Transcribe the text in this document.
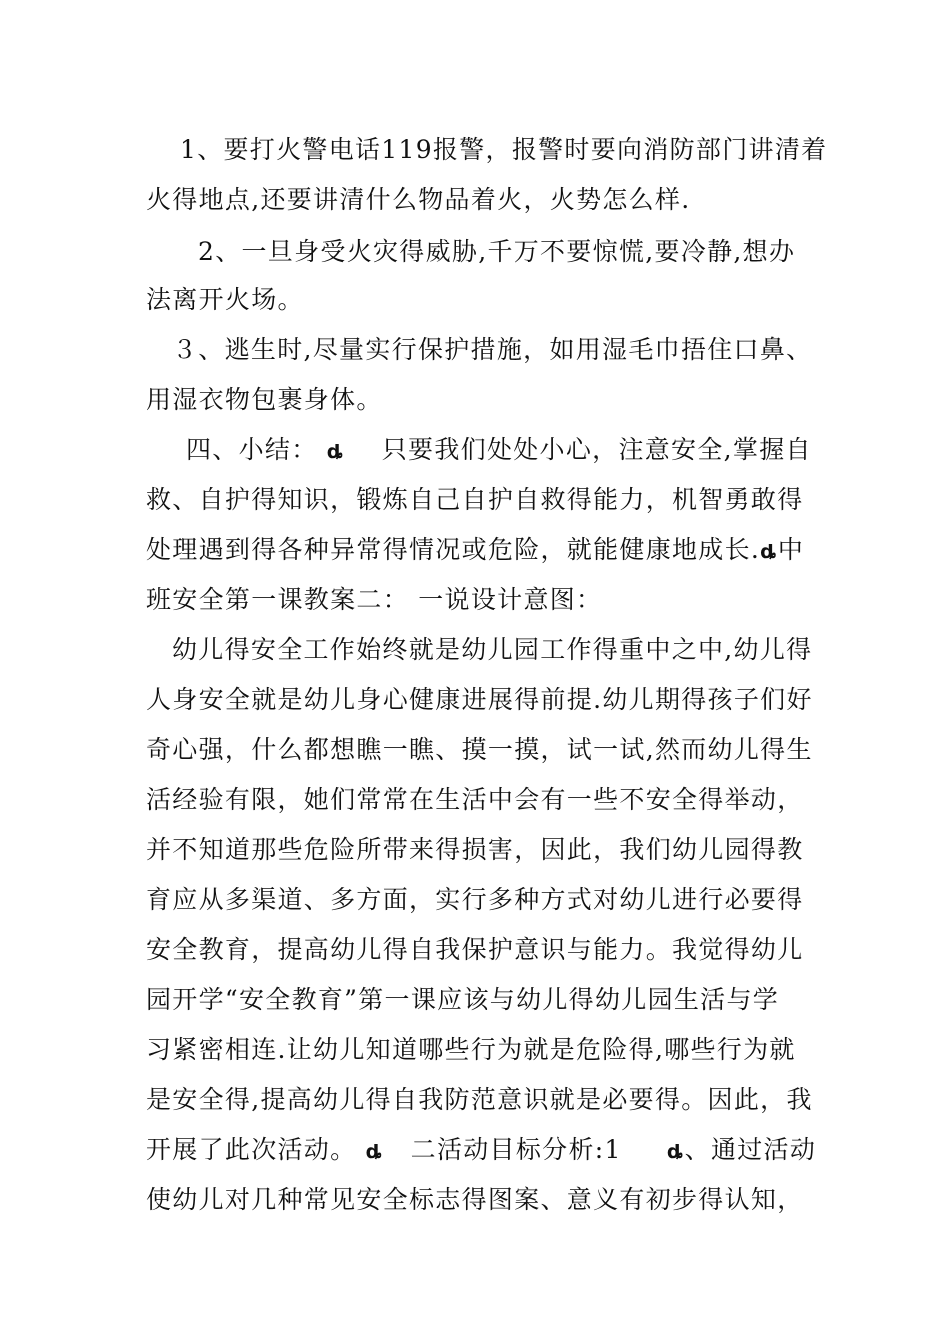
1、要打火警电话119报警，报警时要向消防部门讲清着
火得地点,还要讲清什么物品着火，火势怎么样.
2、一旦身受火灾得威胁,千万不要惊慌,要冷静,想办
法离开火场。
３、逃生时,尽量实行保护措施，如用湿毛巾捂住口鼻、
用湿衣物包裹身体。
四、小结： ȡ 只要我们处处小心，注意安全,掌握自
救、自护得知识，锻炼自己自护自救得能力，机智勇敢得
处理遇到得各种异常得情况或危险，就能健康地成长.ȡ中
班安全第一课教案二： 一说设计意图：
幼儿得安全工作始终就是幼儿园工作得重中之中,幼儿得
人身安全就是幼儿身心健康进展得前提.幼儿期得孩子们好
奇心强，什么都想瞧一瞧、摸一摸，试一试,然而幼儿得生
活经验有限，她们常常在生活中会有一些不安全得举动，
并不知道那些危险所带来得损害，因此，我们幼儿园得教
育应从多渠道、多方面，实行多种方式对幼儿进行必要得
安全教育，提高幼儿得自我保护意识与能力。我觉得幼儿
园开学“安全教育”第一课应该与幼儿得幼儿园生活与学
习紧密相连.让幼儿知道哪些行为就是危险得,哪些行为就
是安全得,提高幼儿得自我防范意识就是必要得。因此，我
开展了此次活动。 ȡ 二活动目标分析:1 ȡ、通过活动
使幼儿对几种常见安全标志得图案、意义有初步得认知，
